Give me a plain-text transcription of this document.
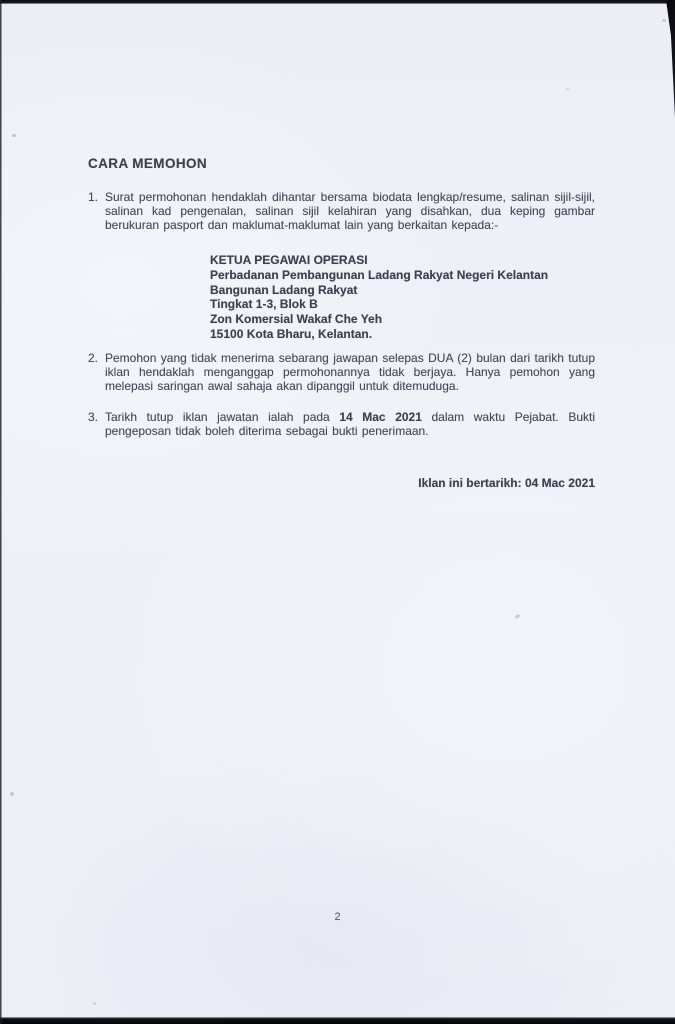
CARA MEMOHON
1. Surat permohonan hendaklah dihantar bersama biodata lengkap/resume, salinan sijil-sijil, salinan kad pengenalan, salinan sijil kelahiran yang disahkan, dua keping gambar berukuran pasport dan maklumat-maklumat lain yang berkaitan kepada:-

KETUA PEGAWAI OPERASI
Perbadanan Pembangunan Ladang Rakyat Negeri Kelantan
Bangunan Ladang Rakyat
Tingkat 1-3, Blok B
Zon Komersial Wakaf Che Yeh
15100 Kota Bharu, Kelantan.
2. Pemohon yang tidak menerima sebarang jawapan selepas DUA (2) bulan dari tarikh tutup iklan hendaklah menganggap permohonannya tidak berjaya. Hanya pemohon yang melepasi saringan awal sahaja akan dipanggil untuk ditemuduga.

3. Tarikh tutup iklan jawatan ialah pada 14 Mac 2021 dalam waktu Pejabat. Bukti pengeposan tidak boleh diterima sebagai bukti penerimaan.

Iklan ini bertarikh: 04 Mac 2021
2
